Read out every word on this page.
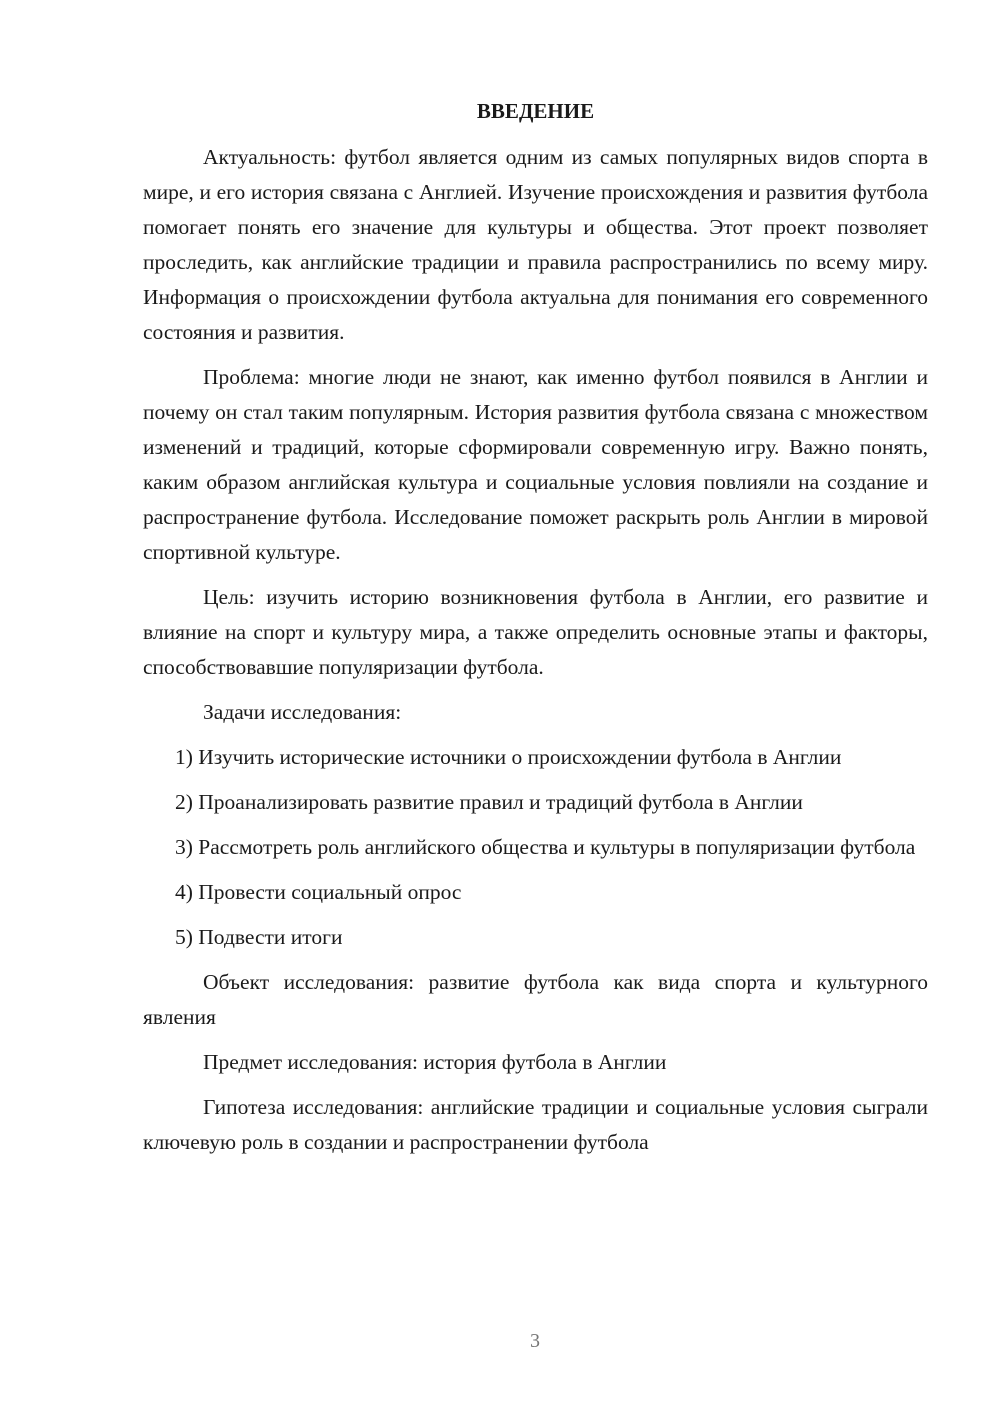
ВВЕДЕНИЕ

Актуальность: футбол является одним из самых популярных видов спорта в мире, и его история связана с Англией. Изучение происхождения и развития футбола помогает понять его значение для культуры и общества. Этот проект позволяет проследить, как английские традиции и правила распространились по всему миру. Информация о происхождении футбола актуальна для понимания его современного состояния и развития.

Проблема: многие люди не знают, как именно футбол появился в Англии и почему он стал таким популярным. История развития футбола связана с множеством изменений и традиций, которые сформировали современную игру. Важно понять, каким образом английская культура и социальные условия повлияли на создание и распространение футбола. Исследование поможет раскрыть роль Англии в мировой спортивной культуре.

Цель: изучить историю возникновения футбола в Англии, его развитие и влияние на спорт и культуру мира, а также определить основные этапы и факторы, способствовавшие популяризации футбола.

Задачи исследования:

1) Изучить исторические источники о происхождении футбола в Англии

2) Проанализировать развитие правил и традиций футбола в Англии

3) Рассмотреть роль английского общества и культуры в популяризации футбола

4) Провести социальный опрос

5) Подвести итоги

Объект исследования: развитие футбола как вида спорта и культурного явления

Предмет исследования: история футбола в Англии

Гипотеза исследования: английские традиции и социальные условия сыграли ключевую роль в создании и распространении футбола

3
